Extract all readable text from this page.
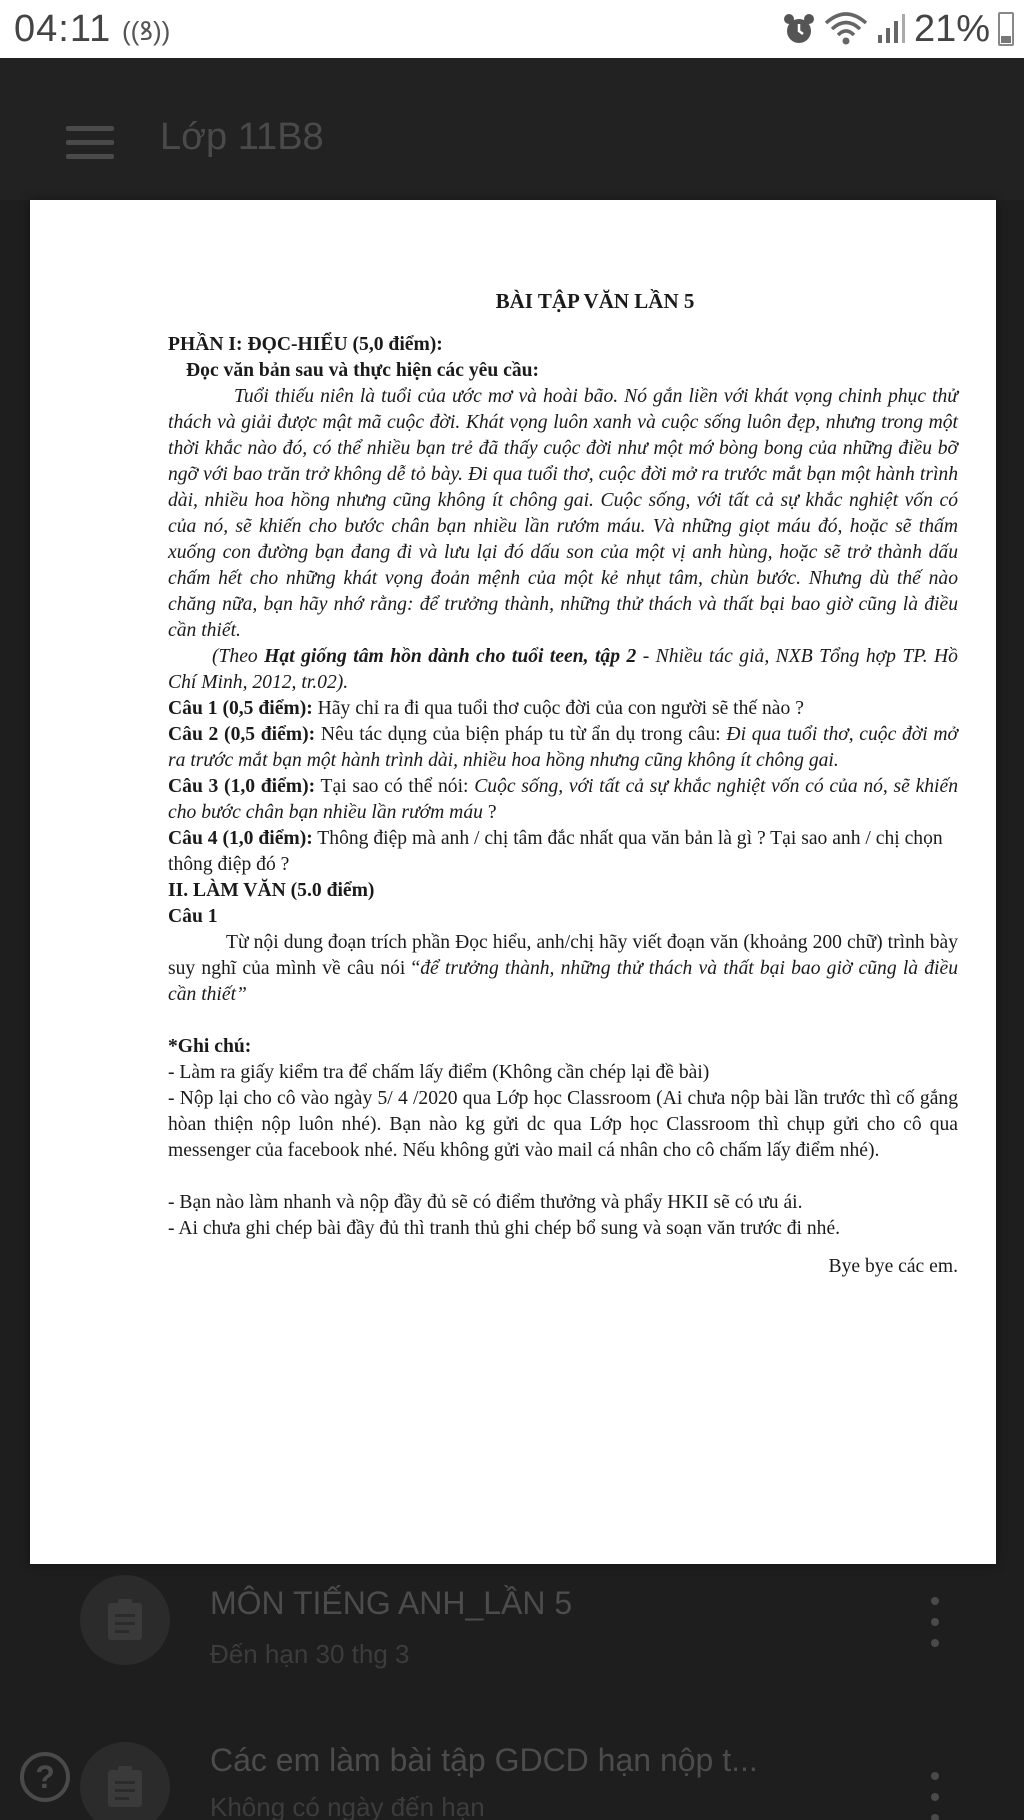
04:11 ((ꝸ))	21%
Lớp 11B8
MÔN TIẾNG ANH_LẦN 5
Đến hạn 30 thg 3
Các em làm bài tập GDCD hạn nộp t...
Không có ngày đến hạn
?
BÀI TẬP VĂN LẦN 5
PHẦN I: ĐỌC-HIỂU (5,0 điểm):
Đọc văn bản sau và thực hiện các yêu cầu:
Tuổi thiếu niên là tuổi của ước mơ và hoài bão. Nó gắn liền với khát vọng chinh phục thử thách và giải được mật mã cuộc đời. Khát vọng luôn xanh và cuộc sống luôn đẹp, nhưng trong một thời khắc nào đó, có thể nhiều bạn trẻ đã thấy cuộc đời như một mớ bòng bong của những điều bỡ ngỡ với bao trăn trở không dễ tỏ bày. Đi qua tuổi thơ, cuộc đời mở ra trước mắt bạn một hành trình dài, nhiều hoa hồng nhưng cũng không ít chông gai. Cuộc sống, với tất cả sự khắc nghiệt vốn có của nó, sẽ khiến cho bước chân bạn nhiều lần rướm máu. Và những giọt máu đó, hoặc sẽ thấm xuống con đường bạn đang đi và lưu lại đó dấu son của một vị anh hùng, hoặc sẽ trở thành dấu chấm hết cho những khát vọng đoản mệnh của một kẻ nhụt tâm, chùn bước. Nhưng dù thế nào chăng nữa, bạn hãy nhớ rằng: để trưởng thành, những thử thách và thất bại bao giờ cũng là điều cần thiết.
(Theo Hạt giống tâm hồn dành cho tuổi teen, tập 2 - Nhiều tác giả, NXB Tổng hợp TP. Hồ Chí Minh, 2012, tr.02).
Câu 1 (0,5 điểm): Hãy chỉ ra đi qua tuổi thơ cuộc đời của con người sẽ thế nào ?
Câu 2 (0,5 điểm): Nêu tác dụng của biện pháp tu từ ẩn dụ trong câu: Đi qua tuổi thơ, cuộc đời mở ra trước mắt bạn một hành trình dài, nhiều hoa hồng nhưng cũng không ít chông gai.
Câu 3 (1,0 điểm): Tại sao có thể nói: Cuộc sống, với tất cả sự khắc nghiệt vốn có của nó, sẽ khiến cho bước chân bạn nhiều lần rướm máu ?
Câu 4 (1,0 điểm): Thông điệp mà anh / chị tâm đắc nhất qua văn bản là gì ? Tại sao anh / chị chọn thông điệp đó ?
II. LÀM VĂN (5.0 điểm)
Câu 1
Từ nội dung đoạn trích phần Đọc hiểu, anh/chị hãy viết đoạn văn (khoảng 200 chữ) trình bày suy nghĩ của mình về câu nói “để trưởng thành, những thử thách và thất bại bao giờ cũng là điều cần thiết”
*Ghi chú:
- Làm ra giấy kiểm tra để chấm lấy điểm (Không cần chép lại đề bài)
- Nộp lại cho cô vào ngày 5/ 4 /2020 qua Lớp học Classroom (Ai chưa nộp bài lần trước thì cố gắng hòan thiện nộp luôn nhé). Bạn nào kg gửi dc qua Lớp học Classroom thì chụp gửi cho cô qua messenger của facebook nhé. Nếu không gửi vào mail cá nhân cho cô chấm lấy điểm nhé).
- Bạn nào làm nhanh và nộp đầy đủ sẽ có điểm thưởng và phẩy HKII sẽ có ưu ái.
- Ai chưa ghi chép bài đầy đủ thì tranh thủ ghi chép bổ sung và soạn văn trước đi nhé.
Bye bye các em.
